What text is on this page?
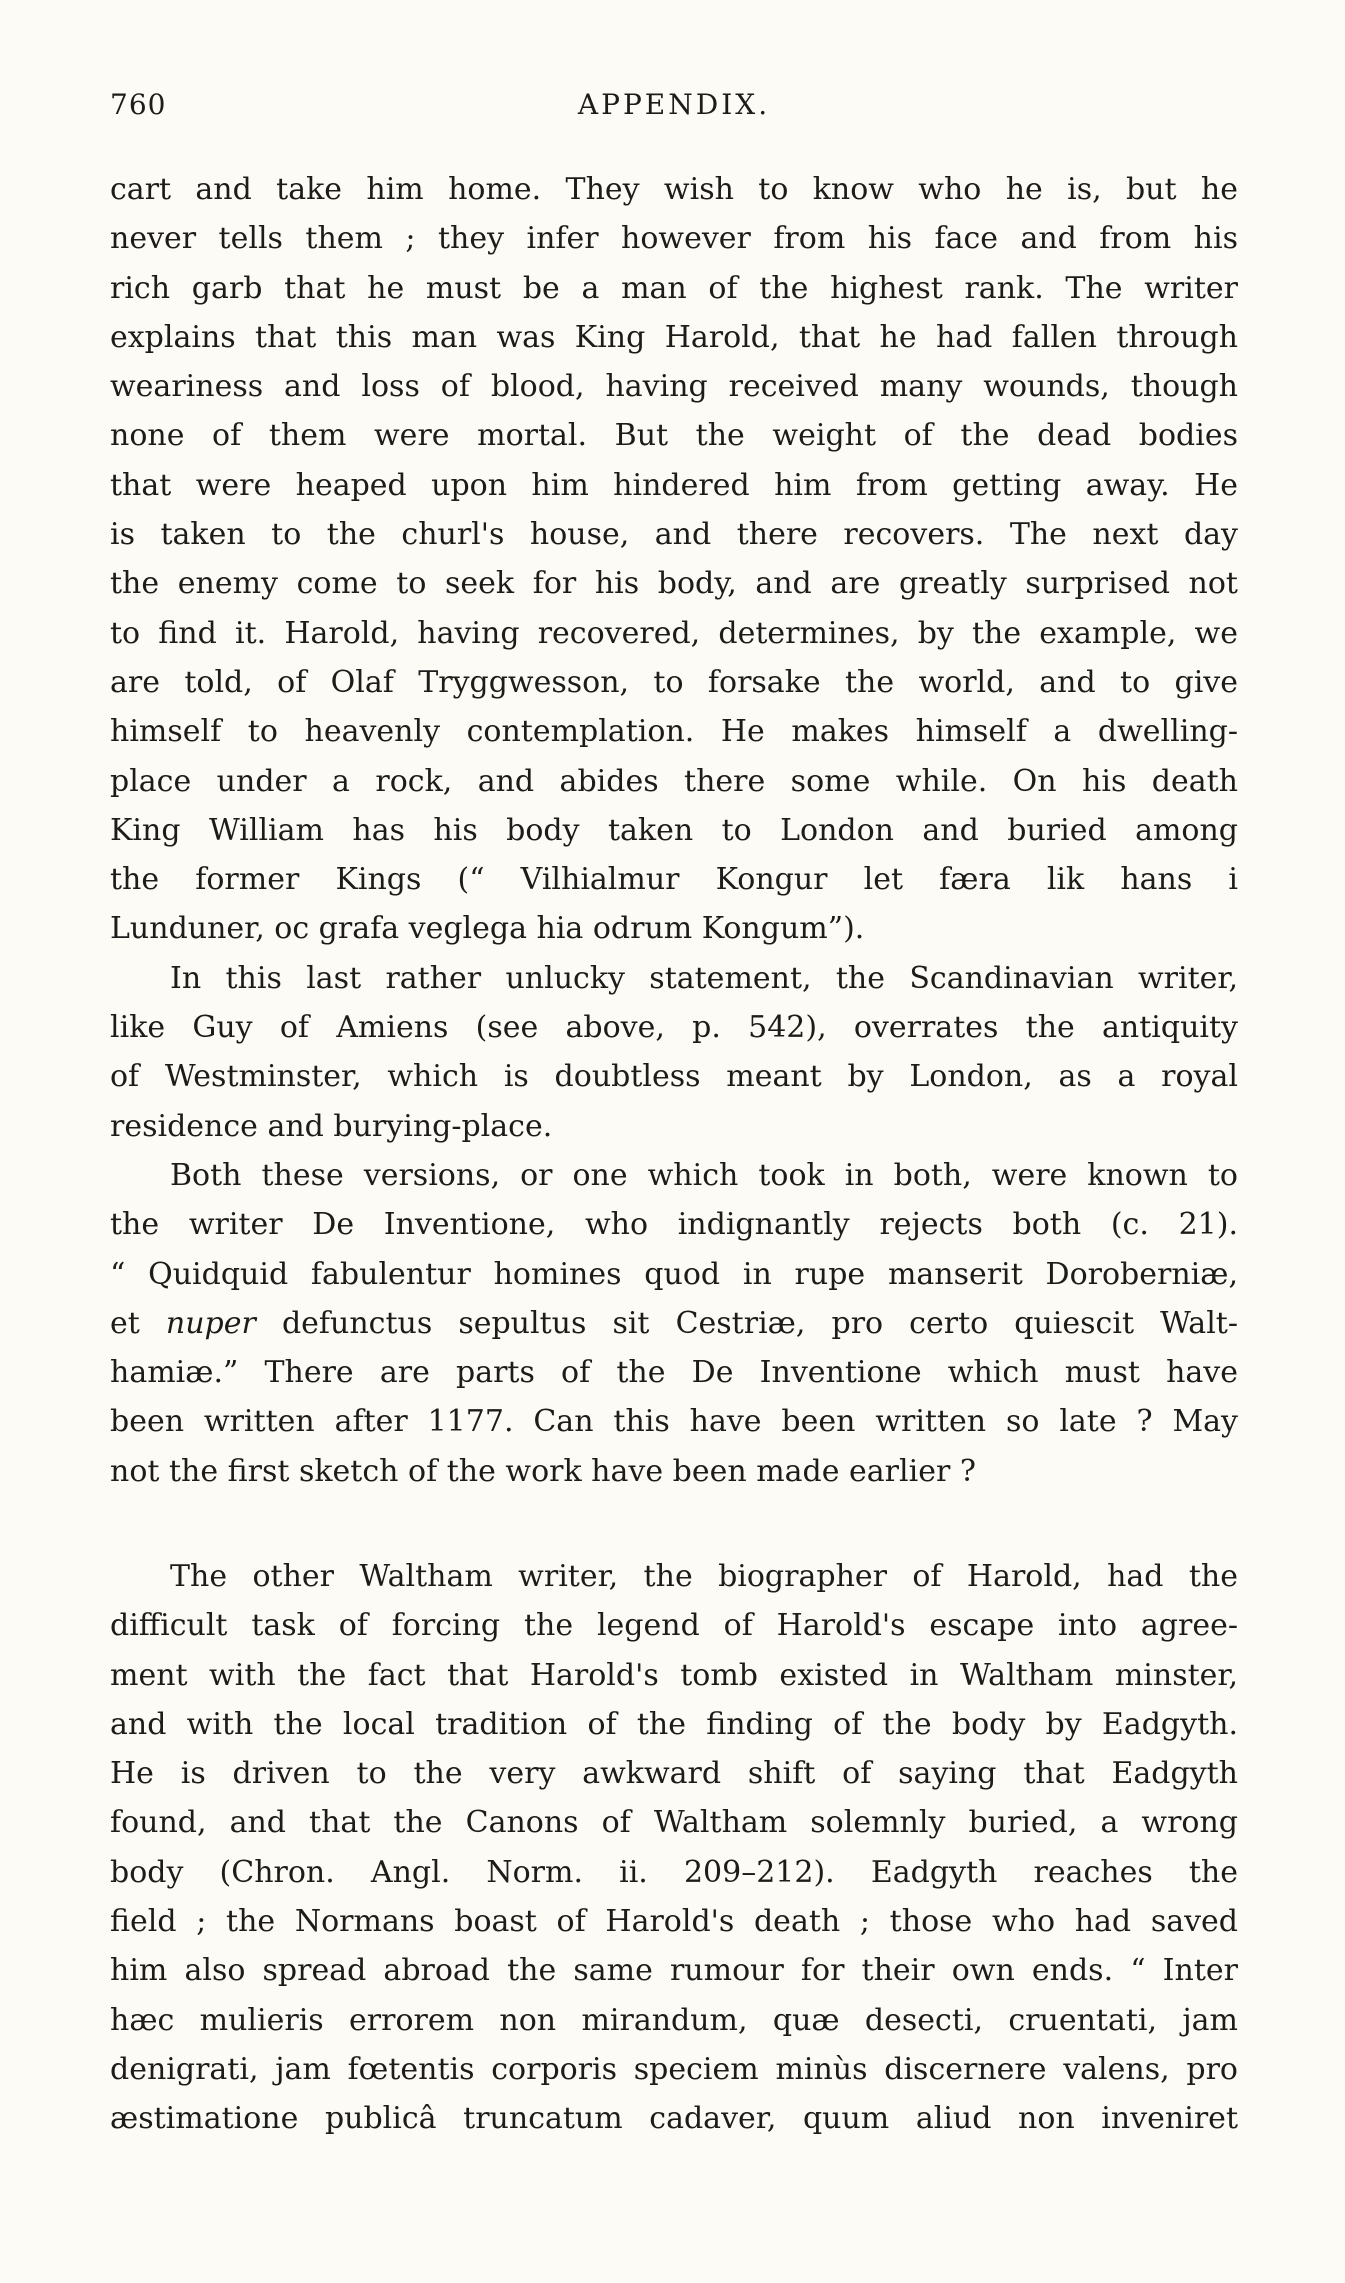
760	APPENDIX.
cart and take him home. They wish to know who he is, but he
never tells them ; they infer however from his face and from his
rich garb that he must be a man of the highest rank. The writer
explains that this man was King Harold, that he had fallen through
weariness and loss of blood, having received many wounds, though
none of them were mortal. But the weight of the dead bodies
that were heaped upon him hindered him from getting away. He
is taken to the churl's house, and there recovers. The next day
the enemy come to seek for his body, and are greatly surprised not
to find it. Harold, having recovered, determines, by the example, we
are told, of Olaf Tryggwesson, to forsake the world, and to give
himself to heavenly contemplation. He makes himself a dwelling-
place under a rock, and abides there some while. On his death
King William has his body taken to London and buried among
the former Kings (“ Vilhialmur Kongur let færa lik hans i
Lunduner, oc grafa veglega hia odrum Kongum”).
In this last rather unlucky statement, the Scandinavian writer,
like Guy of Amiens (see above, p. 542), overrates the antiquity
of Westminster, which is doubtless meant by London, as a royal
residence and burying-place.
Both these versions, or one which took in both, were known to
the writer De Inventione, who indignantly rejects both (c. 21).
“ Quidquid fabulentur homines quod in rupe manserit Doroberniæ,
et nuper defunctus sepultus sit Cestriæ, pro certo quiescit Walt-
hamiæ.” There are parts of the De Inventione which must have
been written after 1177. Can this have been written so late ? May
not the first sketch of the work have been made earlier ?
The other Waltham writer, the biographer of Harold, had the
difficult task of forcing the legend of Harold's escape into agree-
ment with the fact that Harold's tomb existed in Waltham minster,
and with the local tradition of the finding of the body by Eadgyth.
He is driven to the very awkward shift of saying that Eadgyth
found, and that the Canons of Waltham solemnly buried, a wrong
body (Chron. Angl. Norm. ii. 209–212). Eadgyth reaches the
field ; the Normans boast of Harold's death ; those who had saved
him also spread abroad the same rumour for their own ends. “ Inter
hæc mulieris errorem non mirandum, quæ desecti, cruentati, jam
denigrati, jam fœtentis corporis speciem minùs discernere valens, pro
æstimatione publicâ truncatum cadaver, quum aliud non inveniret
